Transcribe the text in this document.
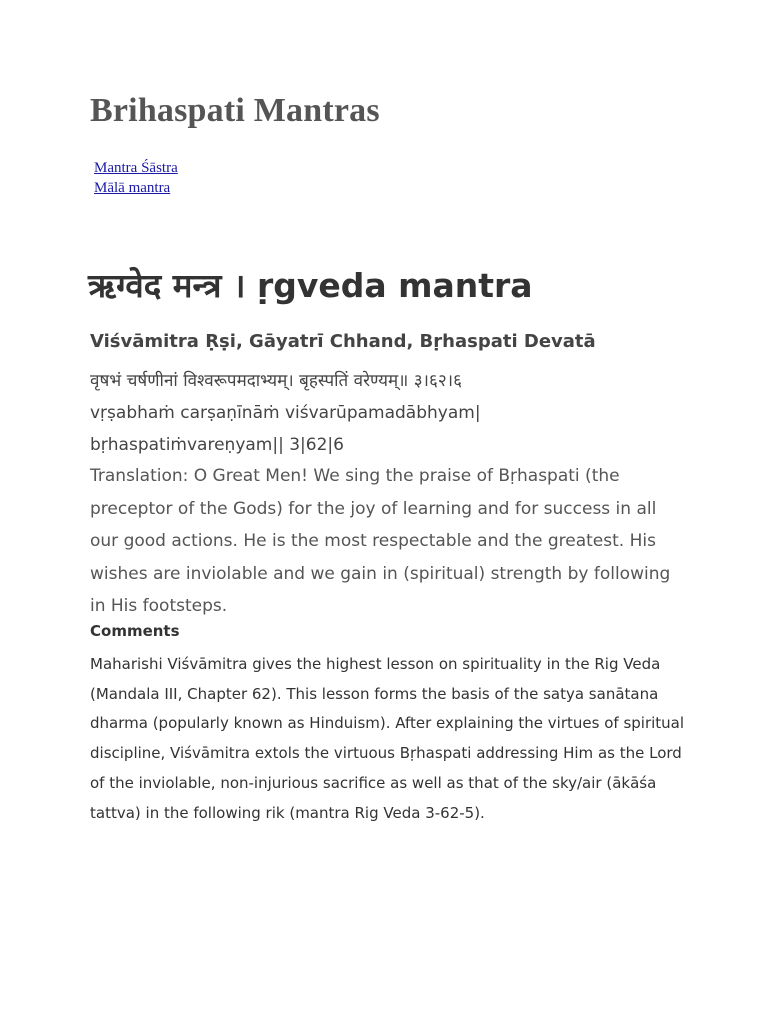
Brihaspati Mantras
Mantra Śāstra
Mālā mantra
ऋग्वेद मन्त्र । ṛgveda mantra
Viśvāmitra Ṛṣi, Gāyatrī Chhand, Bṛhaspati Devatā
वृषभं चर्षणीनां विश्वरूपमदाभ्यम्। बृहस्पतिं वरेण्यम्॥ ३।६२।६
vṛṣabhaṁ carṣaṇīnāṁ viśvarūpamadābhyam|
bṛhaspatiṁvareṇyam|| 3|62|6

Translation: O Great Men! We sing the praise of Bṛhaspati (the preceptor of the Gods) for the joy of learning and for success in all our good actions. He is the most respectable and the greatest. His wishes are inviolable and we gain in (spiritual) strength by following in His footsteps.

Comments

Maharishi Viśvāmitra gives the highest lesson on spirituality in the Rig Veda (Mandala III, Chapter 62). This lesson forms the basis of the satya sanātana dharma (popularly known as Hinduism). After explaining the virtues of spiritual discipline, Viśvāmitra extols the virtuous Bṛhaspati addressing Him as the Lord of the inviolable, non-injurious sacrifice as well as that of the sky/air (ākāśa tattva) in the following rik (mantra Rig Veda 3-62-5).
